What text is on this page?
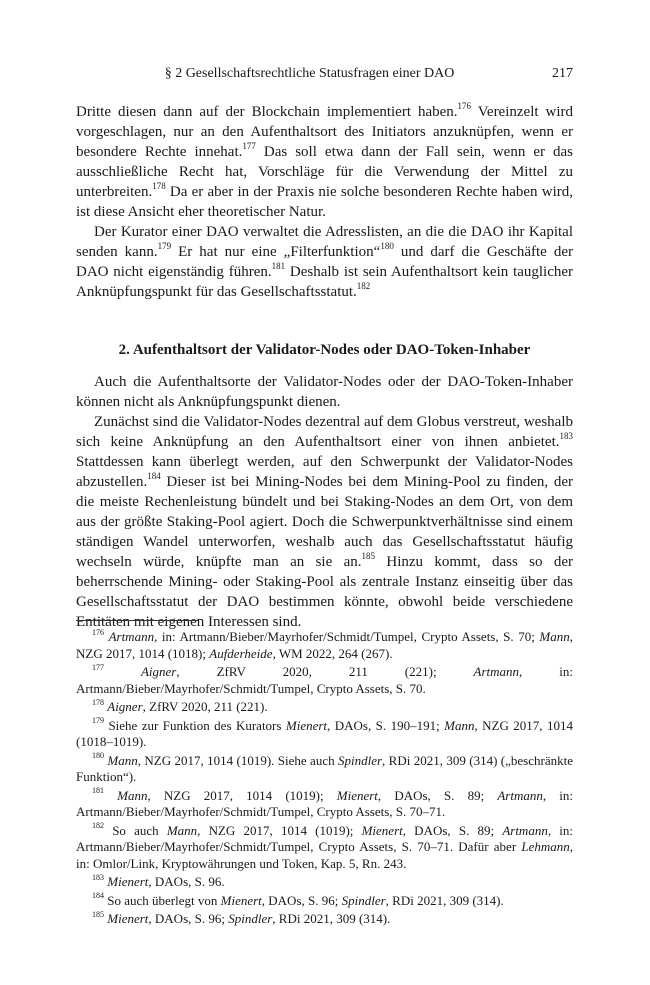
§ 2 Gesellschaftsrechtliche Statusfragen einer DAO	217

Dritte diesen dann auf der Blockchain implementiert haben.$^{176}$ Vereinzelt wird vorgeschlagen, nur an den Aufenthaltsort des Initiators anzuknüpfen, wenn er besondere Rechte innehat.$^{177}$ Das soll etwa dann der Fall sein, wenn er das ausschließliche Recht hat, Vorschläge für die Verwendung der Mittel zu unterbreiten.$^{178}$ Da er aber in der Praxis nie solche besonderen Rechte haben wird, ist diese Ansicht eher theoretischer Natur.

Der Kurator einer DAO verwaltet die Adresslisten, an die die DAO ihr Kapital senden kann.$^{179}$ Er hat nur eine „Filterfunktion“$^{180}$ und darf die Geschäfte der DAO nicht eigenständig führen.$^{181}$ Deshalb ist sein Aufenthaltsort kein tauglicher Anknüpfungspunkt für das Gesellschaftsstatut.$^{182}$

2. Aufenthaltsort der Validator-Nodes oder DAO-Token-Inhaber

Auch die Aufenthaltsorte der Validator-Nodes oder der DAO-Token-Inhaber können nicht als Anknüpfungspunkt dienen.

Zunächst sind die Validator-Nodes dezentral auf dem Globus verstreut, weshalb sich keine Anknüpfung an den Aufenthaltsort einer von ihnen anbietet.$^{183}$ Stattdessen kann überlegt werden, auf den Schwerpunkt der Validator-Nodes abzustellen.$^{184}$ Dieser ist bei Mining-Nodes bei dem Mining-Pool zu finden, der die meiste Rechenleistung bündelt und bei Staking-Nodes an dem Ort, von dem aus der größte Staking-Pool agiert. Doch die Schwerpunktverhältnisse sind einem ständigen Wandel unterworfen, weshalb auch das Gesellschaftsstatut häufig wechseln würde, knüpfte man an sie an.$^{185}$ Hinzu kommt, dass so der beherrschende Mining- oder Staking-Pool als zentrale Instanz einseitig über das Gesellschaftsstatut der DAO bestimmen könnte, obwohl beide verschiedene Entitäten mit eigenen Interessen sind.

$^{176}$ Artmann, in: Artmann/Bieber/Mayrhofer/Schmidt/Tumpel, Crypto Assets, S. 70; Mann, NZG 2017, 1014 (1018); Aufderheide, WM 2022, 264 (267).

$^{177}$	Aigner, ZfRV 2020, 211 (221); Artmann, in: Artmann/Bieber/Mayrhofer/Schmidt/Tumpel, Crypto Assets, S. 70.

$^{178}$ Aigner, ZfRV 2020, 211 (221).

$^{179}$ Siehe zur Funktion des Kurators Mienert, DAOs, S. 190–191; Mann, NZG 2017, 1014 (1018–1019).

$^{180}$ Mann, NZG 2017, 1014 (1019). Siehe auch Spindler, RDi 2021, 309 (314) („beschränkte Funktion“).

$^{181}$ Mann, NZG 2017, 1014 (1019); Mienert, DAOs, S. 89; Artmann, in: Artmann/Bieber/Mayrhofer/Schmidt/Tumpel, Crypto Assets, S. 70–71.

$^{182}$ So auch Mann, NZG 2017, 1014 (1019); Mienert, DAOs, S. 89; Artmann, in: Artmann/Bieber/Mayrhofer/Schmidt/Tumpel, Crypto Assets, S. 70–71. Dafür aber Lehmann, in: Omlor/Link, Kryptowährungen und Token, Kap. 5, Rn. 243.

$^{183}$ Mienert, DAOs, S. 96.

$^{184}$ So auch überlegt von Mienert, DAOs, S. 96; Spindler, RDi 2021, 309 (314).

$^{185}$ Mienert, DAOs, S. 96; Spindler, RDi 2021, 309 (314).
